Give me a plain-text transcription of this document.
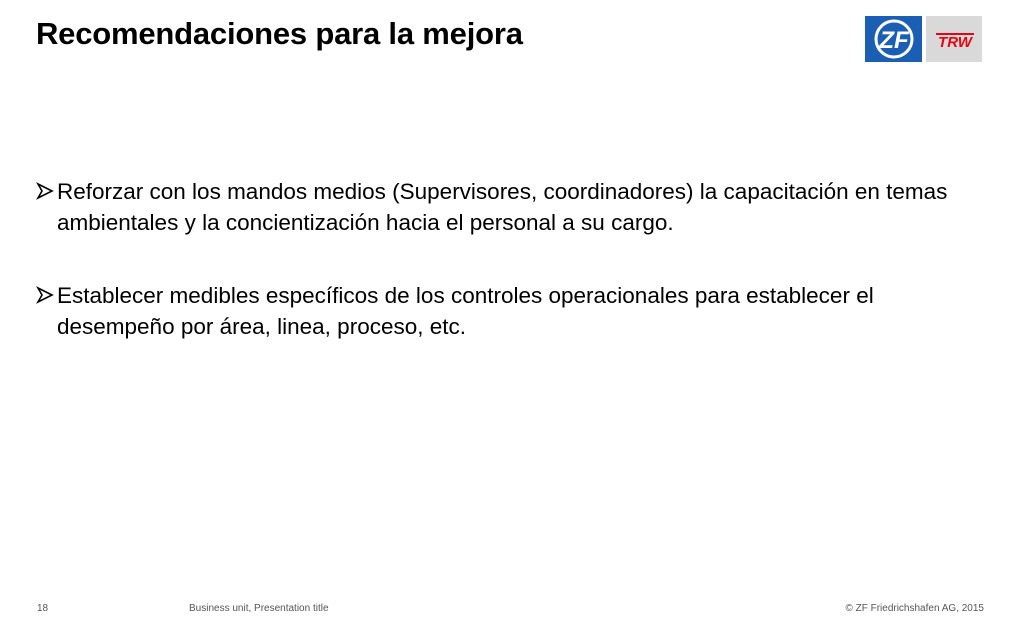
Recomendaciones para la mejora	ZF TRW
Reforzar con los mandos medios (Supervisores, coordinadores) la capacitación en temas ambientales y la concientización hacia el personal a su cargo.
Establecer medibles específicos de los controles operacionales para establecer el desempeño por área, linea, proceso, etc.
18	Business unit, Presentation title	© ZF Friedrichshafen AG, 2015
